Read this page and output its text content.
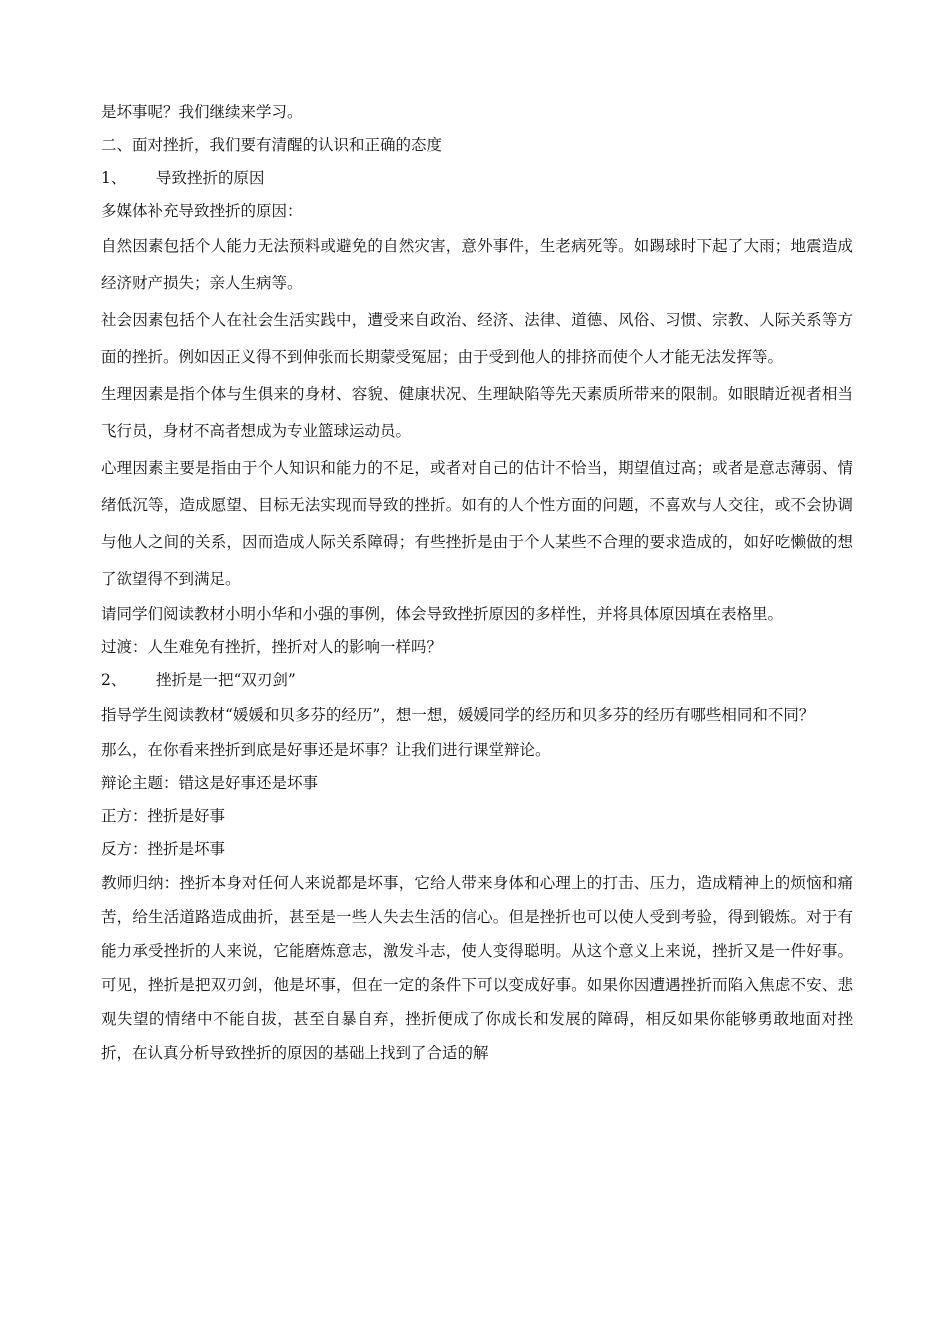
是坏事呢？我们继续来学习。

二、面对挫折，我们要有清醒的认识和正确的态度

1、	导致挫折的原因

多媒体补充导致挫折的原因：

自然因素包括个人能力无法预料或避免的自然灾害，意外事件，生老病死等。如踢球时下起了大雨；地震造成经济财产损失；亲人生病等。

社会因素包括个人在社会生活实践中，遭受来自政治、经济、法律、道德、风俗、习惯、宗教、人际关系等方面的挫折。例如因正义得不到伸张而长期蒙受冤屈；由于受到他人的排挤而使个人才能无法发挥等。

生理因素是指个体与生俱来的身材、容貌、健康状况、生理缺陷等先天素质所带来的限制。如眼睛近视者相当飞行员，身材不高者想成为专业篮球运动员。

心理因素主要是指由于个人知识和能力的不足，或者对自己的估计不恰当，期望值过高；或者是意志薄弱、情绪低沉等，造成愿望、目标无法实现而导致的挫折。如有的人个性方面的问题，不喜欢与人交往，或不会协调与他人之间的关系，因而造成人际关系障碍；有些挫折是由于个人某些不合理的要求造成的，如好吃懒做的想了欲望得不到满足。

请同学们阅读教材小明小华和小强的事例，体会导致挫折原因的多样性，并将具体原因填在表格里。

过渡：人生难免有挫折，挫折对人的影响一样吗？

2、	挫折是一把“双刃剑”

指导学生阅读教材“媛媛和贝多芬的经历”，想一想，媛媛同学的经历和贝多芬的经历有哪些相同和不同？

那么，在你看来挫折到底是好事还是坏事？让我们进行课堂辩论。

辩论主题：错这是好事还是坏事

正方：挫折是好事

反方：挫折是坏事

教师归纳：挫折本身对任何人来说都是坏事，它给人带来身体和心理上的打击、压力，造成精神上的烦恼和痛苦，给生活道路造成曲折，甚至是一些人失去生活的信心。但是挫折也可以使人受到考验，得到锻炼。对于有能力承受挫折的人来说，它能磨炼意志，激发斗志，使人变得聪明。从这个意义上来说，挫折又是一件好事。可见，挫折是把双刃剑，他是坏事，但在一定的条件下可以变成好事。如果你因遭遇挫折而陷入焦虑不安、悲观失望的情绪中不能自拔，甚至自暴自弃，挫折便成了你成长和发展的障碍，相反如果你能够勇敢地面对挫折，在认真分析导致挫折的原因的基础上找到了合适的解
